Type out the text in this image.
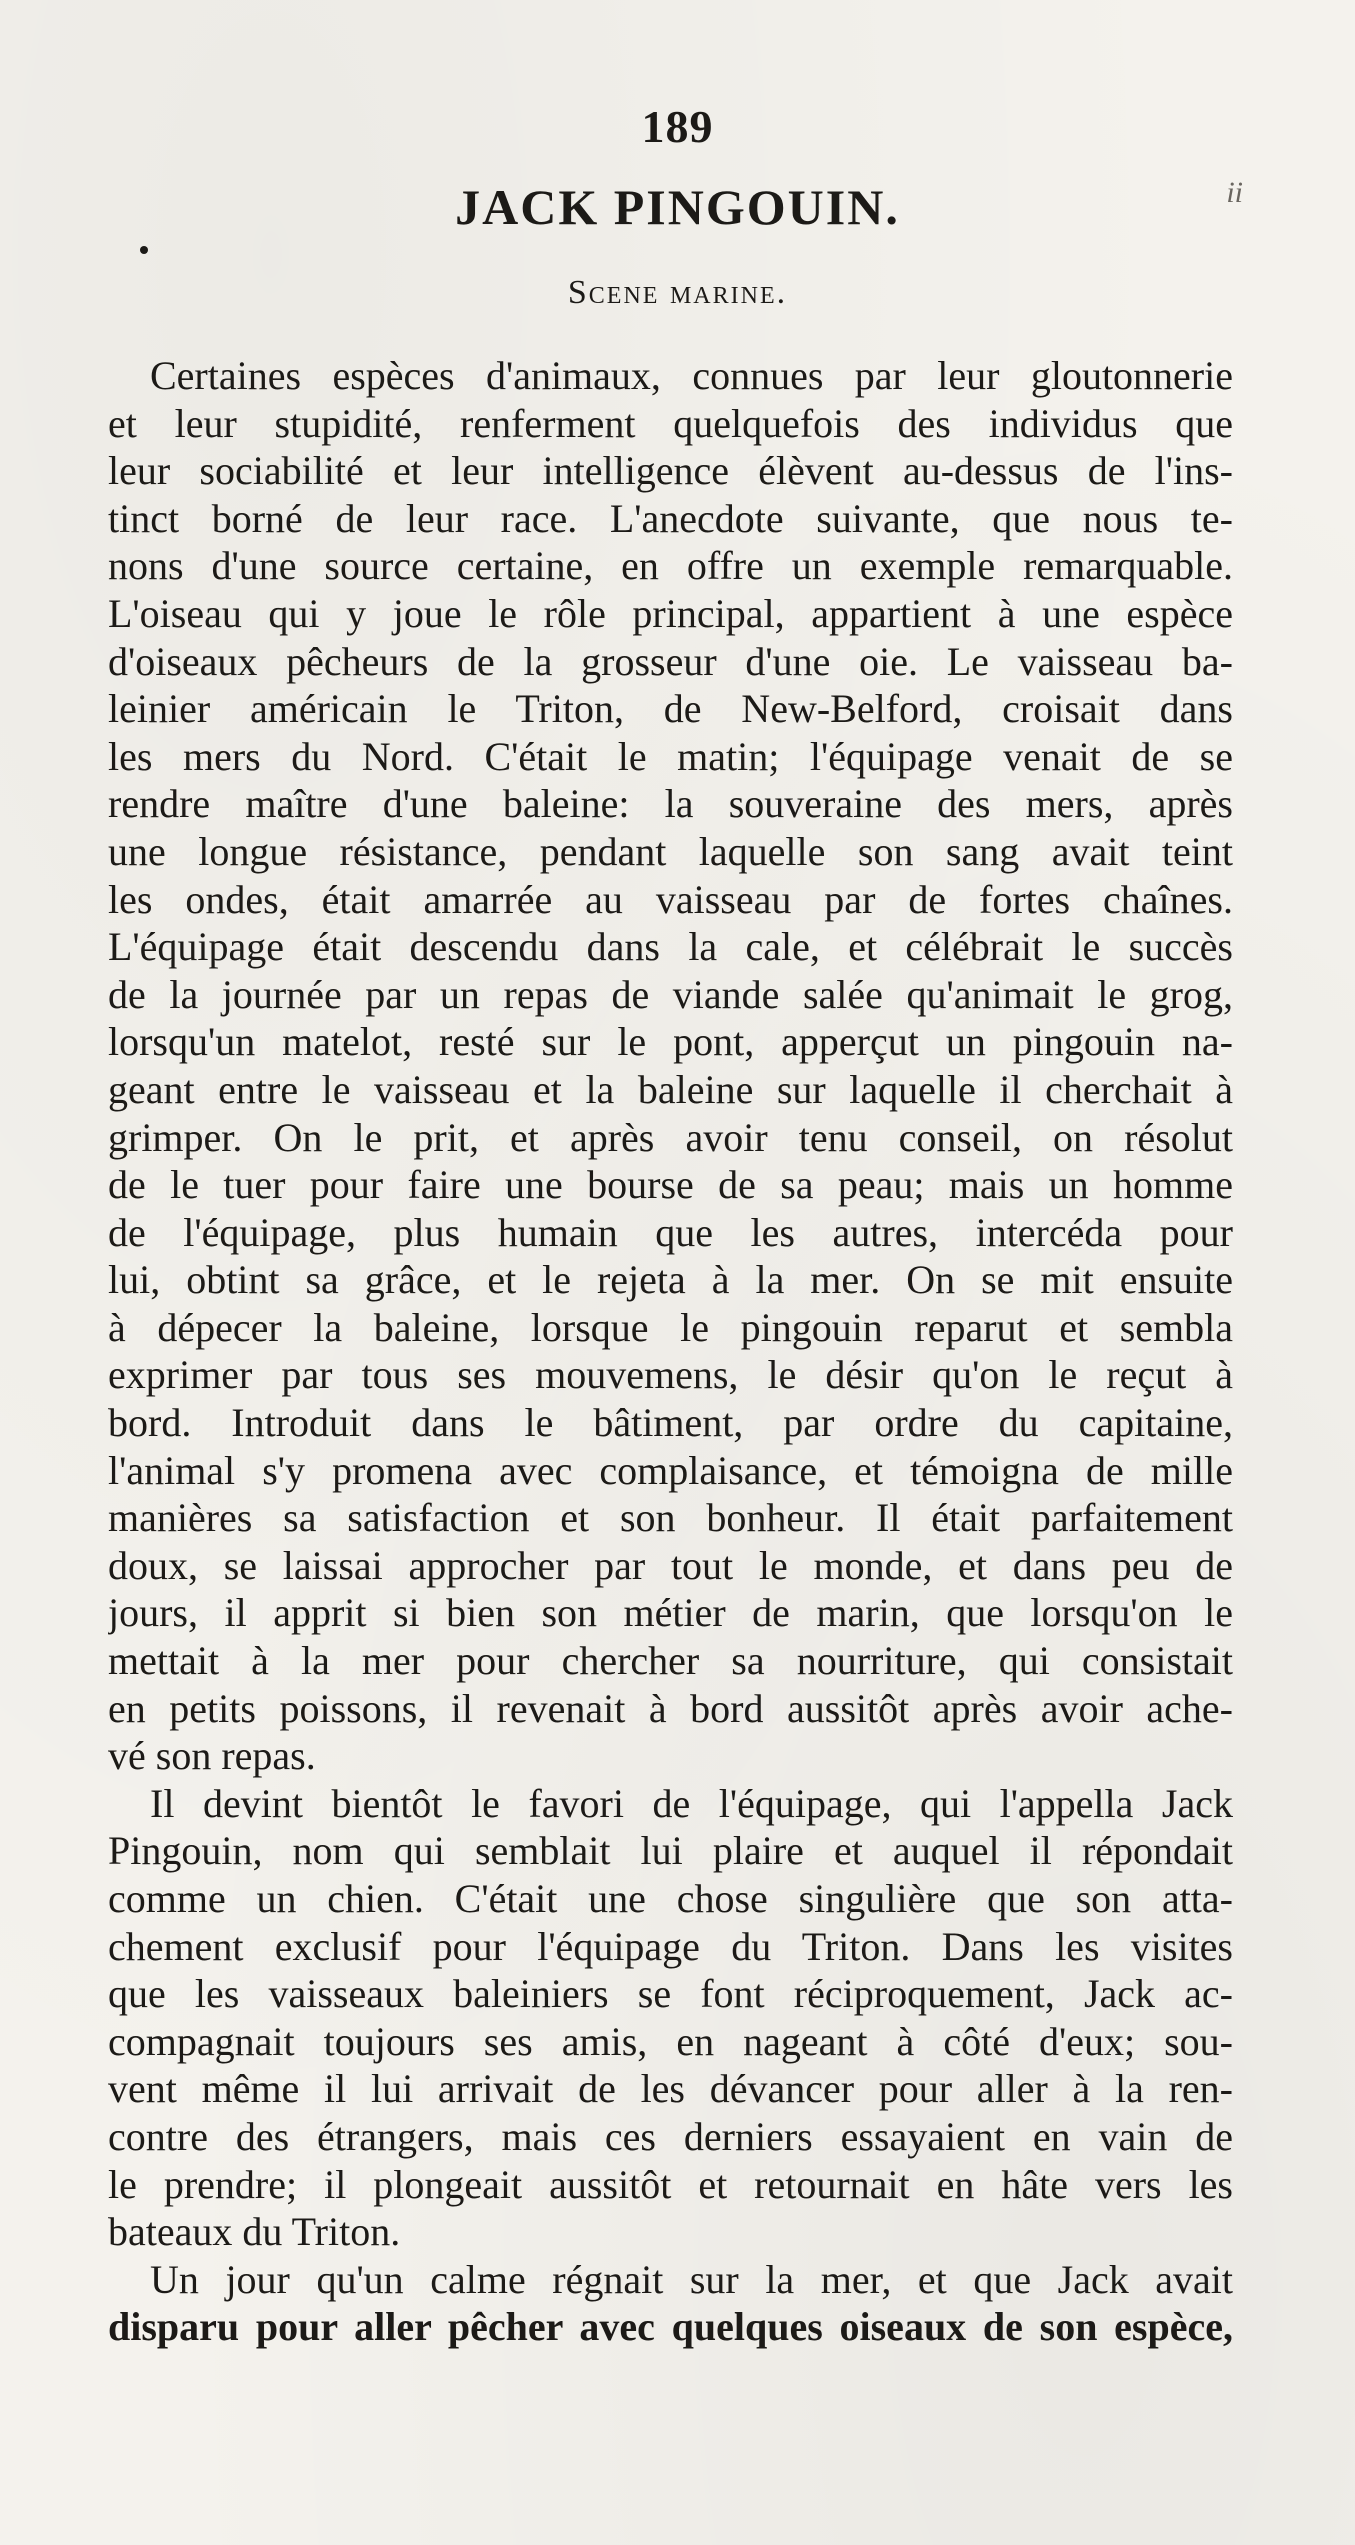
189
ii
JACK PINGOUIN.
Scene marine.
Certaines espèces d'animaux, connues par leur gloutonnerie
et leur stupidité, renferment quelquefois des individus que
leur sociabilité et leur intelligence élèvent au-dessus de l'ins-
tinct borné de leur race. L'anecdote suivante, que nous te-
nons d'une source certaine, en offre un exemple remarquable.
L'oiseau qui y joue le rôle principal, appartient à une espèce
d'oiseaux pêcheurs de la grosseur d'une oie. Le vaisseau ba-
leinier américain le Triton, de New-Belford, croisait dans
les mers du Nord. C'était le matin; l'équipage venait de se
rendre maître d'une baleine: la souveraine des mers, après
une longue résistance, pendant laquelle son sang avait teint
les ondes, était amarrée au vaisseau par de fortes chaînes.
L'équipage était descendu dans la cale, et célébrait le succès
de la journée par un repas de viande salée qu'animait le grog,
lorsqu'un matelot, resté sur le pont, apperçut un pingouin na-
geant entre le vaisseau et la baleine sur laquelle il cherchait à
grimper. On le prit, et après avoir tenu conseil, on résolut
de le tuer pour faire une bourse de sa peau; mais un homme
de l'équipage, plus humain que les autres, intercéda pour
lui, obtint sa grâce, et le rejeta à la mer. On se mit ensuite
à dépecer la baleine, lorsque le pingouin reparut et sembla
exprimer par tous ses mouvemens, le désir qu'on le reçut à
bord. Introduit dans le bâtiment, par ordre du capitaine,
l'animal s'y promena avec complaisance, et témoigna de mille
manières sa satisfaction et son bonheur. Il était parfaitement
doux, se laissai approcher par tout le monde, et dans peu de
jours, il apprit si bien son métier de marin, que lorsqu'on le
mettait à la mer pour chercher sa nourriture, qui consistait
en petits poissons, il revenait à bord aussitôt après avoir ache-
vé son repas.
Il devint bientôt le favori de l'équipage, qui l'appella Jack
Pingouin, nom qui semblait lui plaire et auquel il répondait
comme un chien. C'était une chose singulière que son atta-
chement exclusif pour l'équipage du Triton. Dans les visites
que les vaisseaux baleiniers se font réciproquement, Jack ac-
compagnait toujours ses amis, en nageant à côté d'eux; sou-
vent même il lui arrivait de les dévancer pour aller à la ren-
contre des étrangers, mais ces derniers essayaient en vain de
le prendre; il plongeait aussitôt et retournait en hâte vers les
bateaux du Triton.
Un jour qu'un calme régnait sur la mer, et que Jack avait
disparu pour aller pêcher avec quelques oiseaux de son espèce,
